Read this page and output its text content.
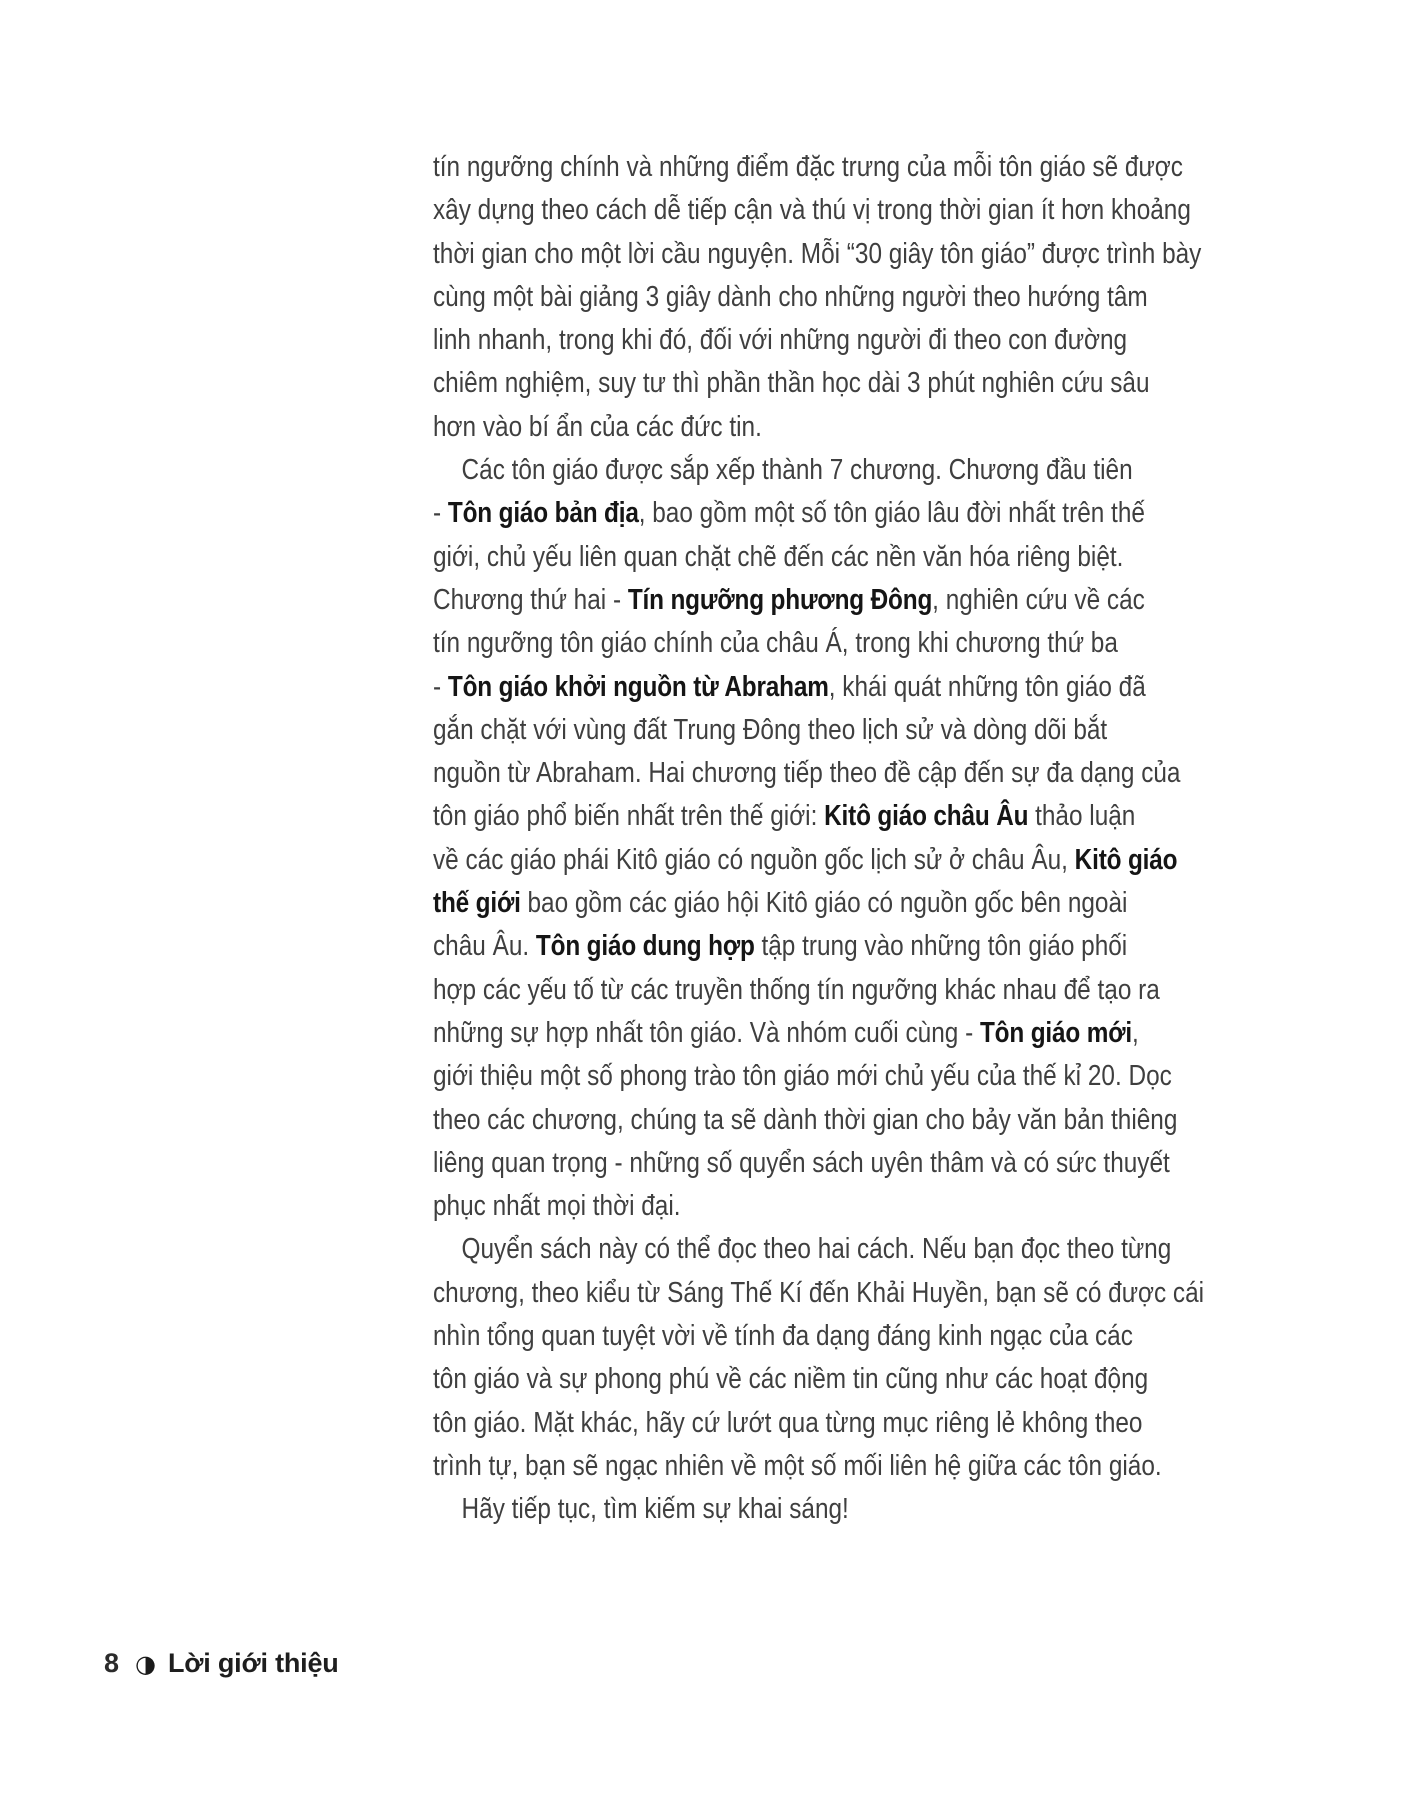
tín ngưỡng chính và những điểm đặc trưng của mỗi tôn giáo sẽ được
xây dựng theo cách dễ tiếp cận và thú vị trong thời gian ít hơn khoảng
thời gian cho một lời cầu nguyện. Mỗi “30 giây tôn giáo” được trình bày
cùng một bài giảng 3 giây dành cho những người theo hướng tâm
linh nhanh, trong khi đó, đối với những người đi theo con đường
chiêm nghiệm, suy tư thì phần thần học dài 3 phút nghiên cứu sâu
hơn vào bí ẩn của các đức tin.
Các tôn giáo được sắp xếp thành 7 chương. Chương đầu tiên
- Tôn giáo bản địa, bao gồm một số tôn giáo lâu đời nhất trên thế
giới, chủ yếu liên quan chặt chẽ đến các nền văn hóa riêng biệt.
Chương thứ hai - Tín ngưỡng phương Đông, nghiên cứu về các
tín ngưỡng tôn giáo chính của châu Á, trong khi chương thứ ba
- Tôn giáo khởi nguồn từ Abraham, khái quát những tôn giáo đã
gắn chặt với vùng đất Trung Đông theo lịch sử và dòng dõi bắt
nguồn từ Abraham. Hai chương tiếp theo đề cập đến sự đa dạng của
tôn giáo phổ biến nhất trên thế giới: Kitô giáo châu Âu thảo luận
về các giáo phái Kitô giáo có nguồn gốc lịch sử ở châu Âu, Kitô giáo
thế giới bao gồm các giáo hội Kitô giáo có nguồn gốc bên ngoài
châu Âu. Tôn giáo dung hợp tập trung vào những tôn giáo phối
hợp các yếu tố từ các truyền thống tín ngưỡng khác nhau để tạo ra
những sự hợp nhất tôn giáo. Và nhóm cuối cùng - Tôn giáo mới,
giới thiệu một số phong trào tôn giáo mới chủ yếu của thế kỉ 20. Dọc
theo các chương, chúng ta sẽ dành thời gian cho bảy văn bản thiêng
liêng quan trọng - những số quyển sách uyên thâm và có sức thuyết
phục nhất mọi thời đại.
Quyển sách này có thể đọc theo hai cách. Nếu bạn đọc theo từng
chương, theo kiểu từ Sáng Thế Kí đến Khải Huyền, bạn sẽ có được cái
nhìn tổng quan tuyệt vời về tính đa dạng đáng kinh ngạc của các
tôn giáo và sự phong phú về các niềm tin cũng như các hoạt động
tôn giáo. Mặt khác, hãy cứ lướt qua từng mục riêng lẻ không theo
trình tự, bạn sẽ ngạc nhiên về một số mối liên hệ giữa các tôn giáo.
Hãy tiếp tục, tìm kiếm sự khai sáng!
8 ◑ Lời giới thiệu
